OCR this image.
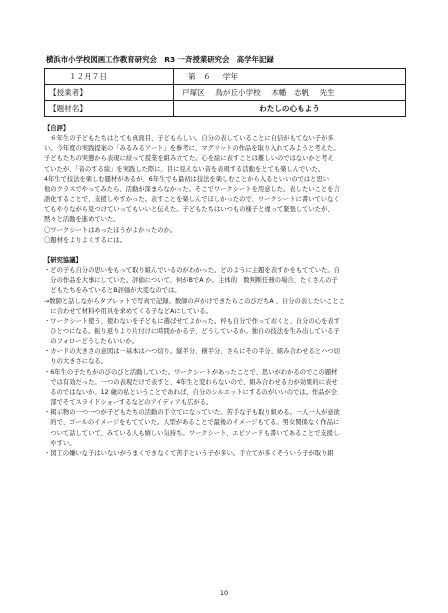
横浜市小学校図画工作教育研究会　R3 一斉授業研究会　高学年記録
１２月７日	第　６ 学年
【授業者】	戸塚区 鳥が丘小学校 木幡　志帆 先生
【題材名】	わたしの心もよう

【自評】

　６年生の子どもたちはとても真面目、子どもらしい。自分の表していることに自信がもてない子が多

い。今年度の実践提案の「みるみるアート」を参考に、マグリットの作品を取り入れてみようと考えた。

子どもたちの実態から表現に絞って授業を組み立てた。心を絵に表すことは難しいのではないかと考え

ていたが、「音のする絵」を実践した際に、目に見えない音を表現する活動をとても楽しんでいた。

4年生で技法を楽しむ題材があるが、6年生でも最初は技法を楽しむことから入るといいのではと思い

他のクラスでやってみたら、活動が深まらなかった。そこでワークシートを用意した。表したいことを言

語化することで、支援しやすかった。表すことを楽しんでほしかったので、ワークシートに書いていなく

てもやりながら見つけていってもいいと伝えた。子どもたちはいつもの様子と違って緊張していたが、

黙々と活動を進めていた。

〇ワークシートはあったほうがよかったのか。

〇題材をよりよくするには。

【研究協議】

・どの子も自分の思いをもって取り組んでいるのがわかった。どのように主題を表すかをもてていた。自

　分の作品を大事にしていた。評価について、何がBでA か。主体的　数判断任務の場合、たくさんの子

　どもたちをみているとB評価が大変なのでは。

→数師と話しながらタブレットで写真で記録。数師の声かけできたらこのびだちA 、自分の表したいことこ

　に合わせて材料や用具を求めてくる子などAにしている。

・ワークシート使う、使わないを子どもに選ばせてよかった。枠も自分で作っておくと、自分の心を表す

　ひとつになる。振り返りより片付けに時間かかる子、どうしているか。独自の技法を生み出している子

　のフォローどうしたらいいか。

・カードの大きさの意図は一基本はハつ切り。縦半分、横半分、さらにその半分、組み合わせるとハつ切

　りの大きさになる。

・6年生の子たちがのびのびと活動していた。ワークシートがあったことで、思いがわかるのでこの題材

　では有効だった。一つの表現だけで表すと、4年生と変わらないので、組み合わせる力が効果的に表せ

　るのではないか。12 歳の私ということであれば、自分のシルエットにするのがいいのでは。作品が全

　部でそてスライドショーするなどのアイディアも広がる。

・掲示物の一つ一つが子どもたちの活動の手立てになっていた。苦手な子も取り組める。一人一人が意欲

　的で、ゴールのイメージをもてていた。人型があることで最後のイメージもてる。男女関係なく作品に

　ついて話していて、みている人も嬉しい気持ち。ワークシート、エピソードも書いてあることで支援し

　やすい。

・図工の嫌いな子はいないがうまくできなくて苦手という子が多い。手立てが多くそういう子が取り組

10
